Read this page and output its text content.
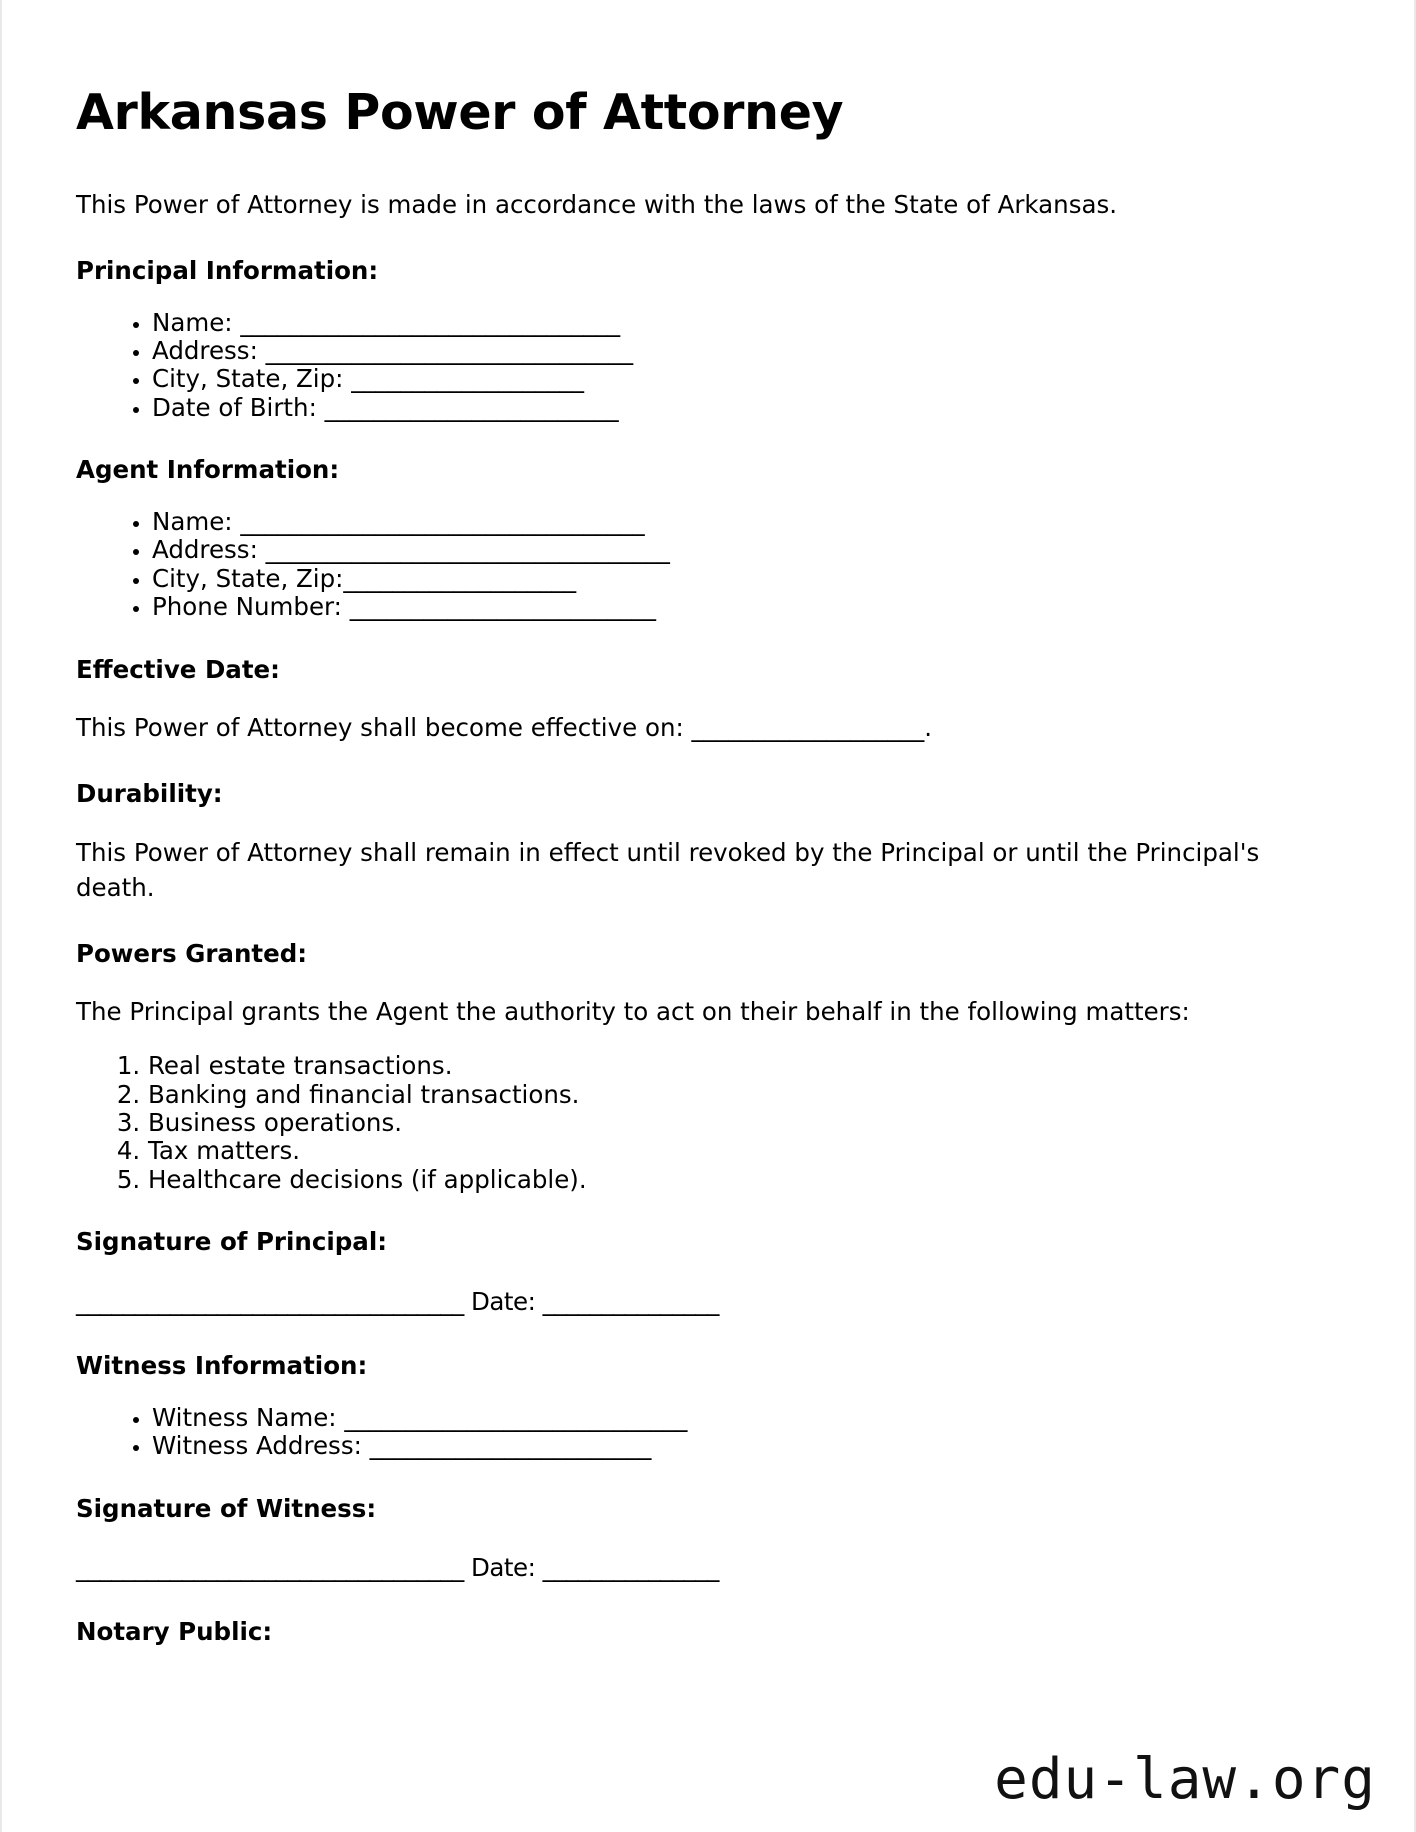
Arkansas Power of Attorney

This Power of Attorney is made in accordance with the laws of the State of Arkansas.

Principal Information:
• Name: _______________________________
• Address: ______________________________
• City, State, Zip: ___________________
• Date of Birth: ________________________
Agent Information:
• Name: _________________________________
• Address: _________________________________
• City, State, Zip:___________________
• Phone Number: _________________________
Effective Date:

This Power of Attorney shall become effective on: ___________________.

Durability:

This Power of Attorney shall remain in effect until revoked by the Principal or until the Principal's death.

Powers Granted:

The Principal grants the Agent the authority to act on their behalf in the following matters:

1. Real estate transactions.
2. Banking and financial transactions.
3. Business operations.
4. Tax matters.
5. Healthcare decisions (if applicable).
Signature of Principal:

_________________________________ Date: _______________

Witness Information:
• Witness Name: ____________________________
• Witness Address: _______________________
Signature of Witness:

_________________________________ Date: _______________

Notary Public:
edu-law.org
